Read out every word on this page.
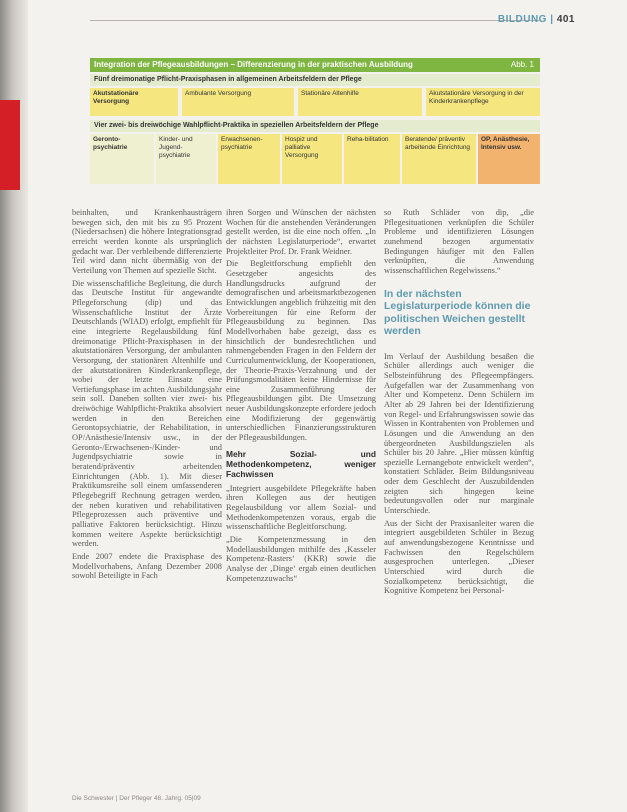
BILDUNG | 401
Integration der Pflegeausbildungen – Differenzierung in der praktischen Ausbildung	Abb. 1
Fünf dreimonatige Pflicht-Praxisphasen in allgemeinen Arbeitsfeldern der Pflege
Akutstationäre Versorgung
Ambulante Versorgung	Stationäre Altenhilfe	Akutstationäre Versorgung in der Kinderkrankenpflege
Vier zwei- bis dreiwöchige Wahlpflicht-Praktika in speziellen Arbeitsfeldern der Pflege
Geronto-psychiatrie
Kinder- und Jugend-psychiatrie
Erwachsenen-psychiatrie
Hospiz und palliative Versorgung
Reha-bilitation	Beratende/ präventiv arbeitende Einrichtung
OP, Anästhesie, Intensiv usw.

beinhalten, und Krankenhausträgern bewegen sich, den mit bis zu 95 Prozent (Niedersachsen) die höhere Integrationsgrad erreicht werden konnte als ursprünglich gedacht war. Der verbleibende differenzierte Teil wird dann nicht übermäßig von der Verteilung von Themen auf spezielle Sicht.

Die wissenschaftliche Begleitung, die durch das Deutsche Institut für angewandte Pflegeforschung (dip) und das Wissenschaftliche Institut der Ärzte Deutschlands (WIAD) erfolgt, empfiehlt für eine integrierte Regelausbildung fünf dreimonatige Pflicht-Praxisphasen in der akutstationären Versorgung, der ambulanten Versorgung, der stationären Altenhilfe und der akutstationären Kinderkrankenpflege, wobei der letzte Einsatz eine Vertiefungsphase im achten Ausbildungsjahr sein soll. Daneben sollten vier zwei- bis dreiwöchige Wahlpflicht-Praktika absolviert werden in den Bereichen Gerontopsychiatrie, der Rehabilitation, in OP/Anästhesie/Intensiv usw., in der Geronto-/Erwachsenen-/Kinder- und Jugendpsychiatrie sowie in beratend/präventiv arbeitenden Einrichtungen (Abb. 1). Mit dieser Praktikumsreihe soll einem umfassenderen Pflegebegriff Rechnung getragen werden, der neben kurativen und rehabilitativen Pflegeprozessen auch präventive und palliative Faktoren berücksichtigt. Hinzu kommen weitere Aspekte berücksichtigt werden.

Ende 2007 endete die Praxisphase des Modellvorhabens, Anfang Dezember 2008 sowohl Beteiligte in Fach

ihren Sorgen und Wünschen der nächsten Wochen für die anstehenden Veränderungen gestellt werden, ist die eine noch offen. „In der nächsten Legislaturperiode“, erwartet Projektleiter Prof. Dr. Frank Weidner.

Die Begleitforschung empfiehlt den Gesetzgeber angesichts des Handlungsdrucks aufgrund der demografischen und arbeitsmarktbezogenen Entwicklungen angeblich frühzeitig mit den Vorbereitungen für eine Reform der Pflegeausbildung zu beginnen. Das Modellvorhaben habe gezeigt, dass es hinsichtlich der bundesrechtlichen und rahmengebenden Fragen in den Feldern der Curriculumentwicklung, der Kooperationen, der Theorie-Praxis-Verzahnung und der Prüfungsmodalitäten keine Hindernisse für eine Zusammenführung der Pflegeausbildungen gibt. Die Umsetzung neuer Ausbildungskonzepte erfordere jedoch eine Modifizierung der gegenwärtig unterschiedlichen Finanzierungsstrukturen der Pflegeausbildungen.

Mehr Sozial- und Methodenkompetenz, weniger Fachwissen

„Integriert ausgebildete Pflegekräfte haben ihren Kollegen aus der heutigen Regelausbildung vor allem Sozial- und Methodenkompetenzen voraus, ergab die wissenschaftliche Begleitforschung.

„Die Kompetenzmessung in den Modellausbildungen mithilfe des ‚Kasseler Kompetenz-Rasters‘ (KKR) sowie die Analyse der ‚Dinge‘ ergab einen deutlichen Kompetenzzuwachs“

so Ruth Schläder von dip, „die Pflegesituationen verknüpfen die Schüler Probleme und identifizieren Lösungen zunehmend bezogen argumentativ Bedingungen häufiger mit den Fallen verknüpften, die Anwendung wissenschaftlichen Regelwissens.“

In der nächsten Legislaturperiode können die politischen Weichen gestellt werden

Im Verlauf der Ausbildung besaßen die Schüler allerdings auch weniger die Selbsteinführung des Pflegeempfängers. Aufgefallen war der Zusammenhang von Alter und Kompetenz. Denn Schülern im Alter ab 29 Jahren bei der Identifizierung von Regel- und Erfahrungswissen sowie das Wissen in Kontrahenten von Problemen und Lösungen und die Anwendung an den übergeordneten Ausbildungszielen als Schüler bis 20 Jahre. „Hier müssen künftig spezielle Lernangebote entwickelt werden“, konstatiert Schläder. Beim Bildungsniveau oder dem Geschlecht der Auszubildenden zeigten sich hingegen keine bedeutungsvollen oder nur marginale Unterschiede.

Aus der Sicht der Praxisanleiter waren die integriert ausgebildeten Schüler in Bezug auf anwendungsbezogene Kenntnisse und Fachwissen den Regelschülern ausgesprochen unterlegen. „Dieser Unterschied wird durch die Sozialkompetenz berücksichtigt, die Kognitive Kompetenz bei Personal-

Die Schwester | Der Pfleger 48. Jahrg. 05|09
